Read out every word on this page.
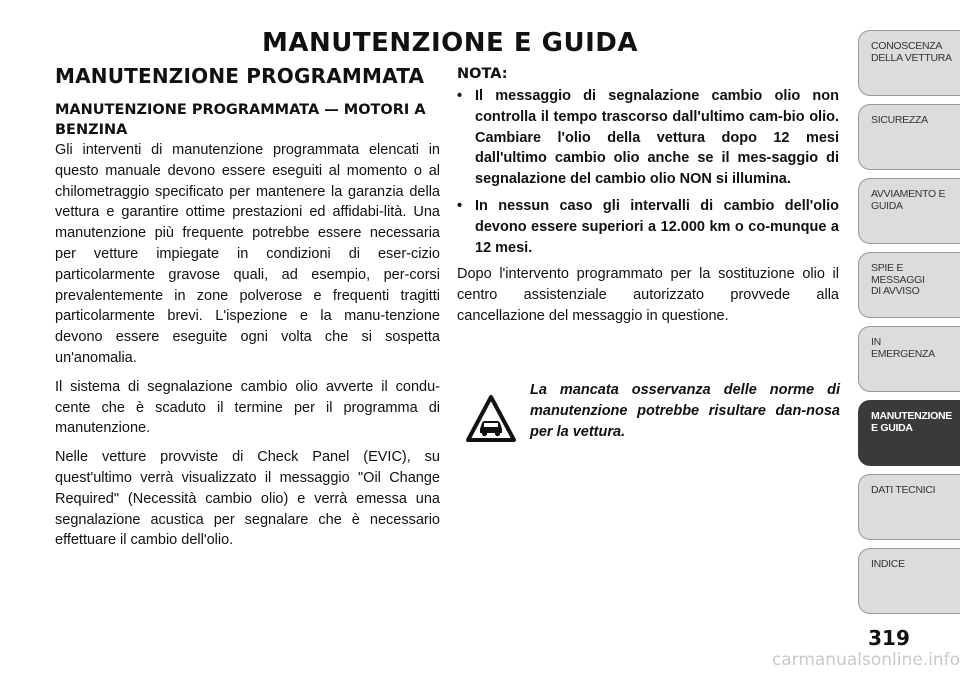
MANUTENZIONE E GUIDA
MANUTENZIONE PROGRAMMATA
MANUTENZIONE PROGRAMMATA — MOTORI A BENZINA

Gli interventi di manutenzione programmata elencati in questo manuale devono essere eseguiti al momento o al chilometraggio specificato per mantenere la garanzia della vettura e garantire ottime prestazioni ed affidabi-lità. Una manutenzione più frequente potrebbe essere necessaria per vetture impiegate in condizioni di eser-cizio particolarmente gravose quali, ad esempio, per-corsi prevalentemente in zone polverose e frequenti tragitti particolarmente brevi. L'ispezione e la manu-tenzione devono essere eseguite ogni volta che si sospetta un'anomalia.

Il sistema di segnalazione cambio olio avverte il condu-cente che è scaduto il termine per il programma di manutenzione.

Nelle vetture provviste di Check Panel (EVIC), su quest'ultimo verrà visualizzato il messaggio "Oil Change Required" (Necessità cambio olio) e verrà emessa una segnalazione acustica per segnalare che è necessario effettuare il cambio dell'olio.

NOTA:
• Il messaggio di segnalazione cambio olio non controlla il tempo trascorso dall'ultimo cam-bio olio. Cambiare l'olio della vettura dopo 12 mesi dall'ultimo cambio olio anche se il mes-saggio di segnalazione del cambio olio NON si illumina.
• In nessun caso gli intervalli di cambio dell'olio devono essere superiori a 12.000 km o co-munque a 12 mesi.

Dopo l'intervento programmato per la sostituzione olio il centro assistenziale autorizzato provvede alla cancellazione del messaggio in questione.

La mancata osservanza delle norme di manutenzione potrebbe risultare dan-nosa per la vettura.

CONOSCENZA
DELLA VETTURA
SICUREZZA
AVVIAMENTO E
GUIDA
SPIE E
MESSAGGI
DI AVVISO
IN
EMERGENZA
MANUTENZIONE
E GUIDA
DATI TECNICI
INDICE
319
carmanualsonline.info
